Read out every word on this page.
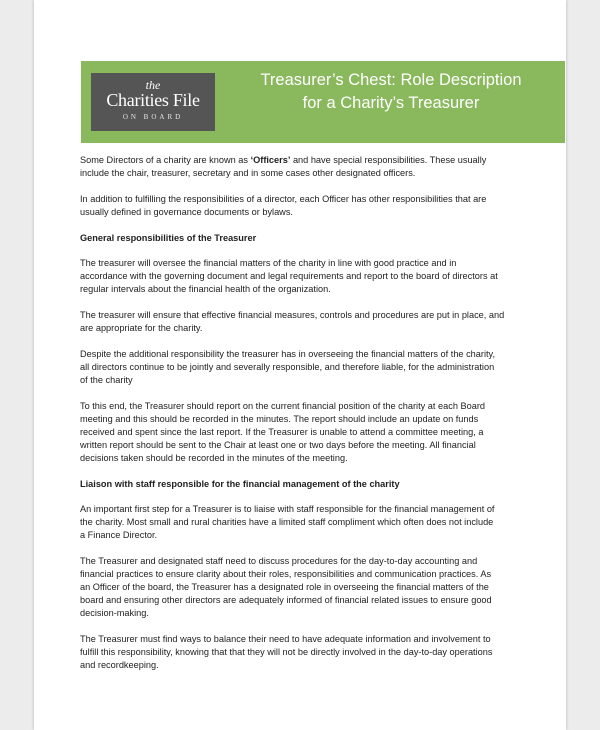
the
Charities File
ON BOARD
Treasurer’s Chest: Role Description
for a Charity’s Treasurer

Some Directors of a charity are known as ‘Officers’ and have special responsibilities. These usually
include the chair, treasurer, secretary and in some cases other designated officers.

In addition to fulfilling the responsibilities of a director, each Officer has other responsibilities that are
usually defined in governance documents or bylaws.

General responsibilities of the Treasurer

The treasurer will oversee the financial matters of the charity in line with good practice and in
accordance with the governing document and legal requirements and report to the board of directors at
regular intervals about the financial health of the organization.

The treasurer will ensure that effective financial measures, controls and procedures are put in place, and
are appropriate for the charity.

Despite the additional responsibility the treasurer has in overseeing the financial matters of the charity,
all directors continue to be jointly and severally responsible, and therefore liable, for the administration
of the charity

To this end, the Treasurer should report on the current financial position of the charity at each Board
meeting and this should be recorded in the minutes. The report should include an update on funds
received and spent since the last report. If the Treasurer is unable to attend a committee meeting, a
written report should be sent to the Chair at least one or two days before the meeting. All financial
decisions taken should be recorded in the minutes of the meeting.

Liaison with staff responsible for the financial management of the charity

An important first step for a Treasurer is to liaise with staff responsible for the financial management of
the charity. Most small and rural charities have a limited staff compliment which often does not include
a Finance Director.

The Treasurer and designated staff need to discuss procedures for the day-to-day accounting and
financial practices to ensure clarity about their roles, responsibilities and communication practices. As
an Officer of the board, the Treasurer has a designated role in overseeing the financial matters of the
board and ensuring other directors are adequately informed of financial related issues to ensure good
decision-making.

The Treasurer must find ways to balance their need to have adequate information and involvement to
fulfill this responsibility, knowing that that they will not be directly involved in the day-to-day operations
and recordkeeping.
